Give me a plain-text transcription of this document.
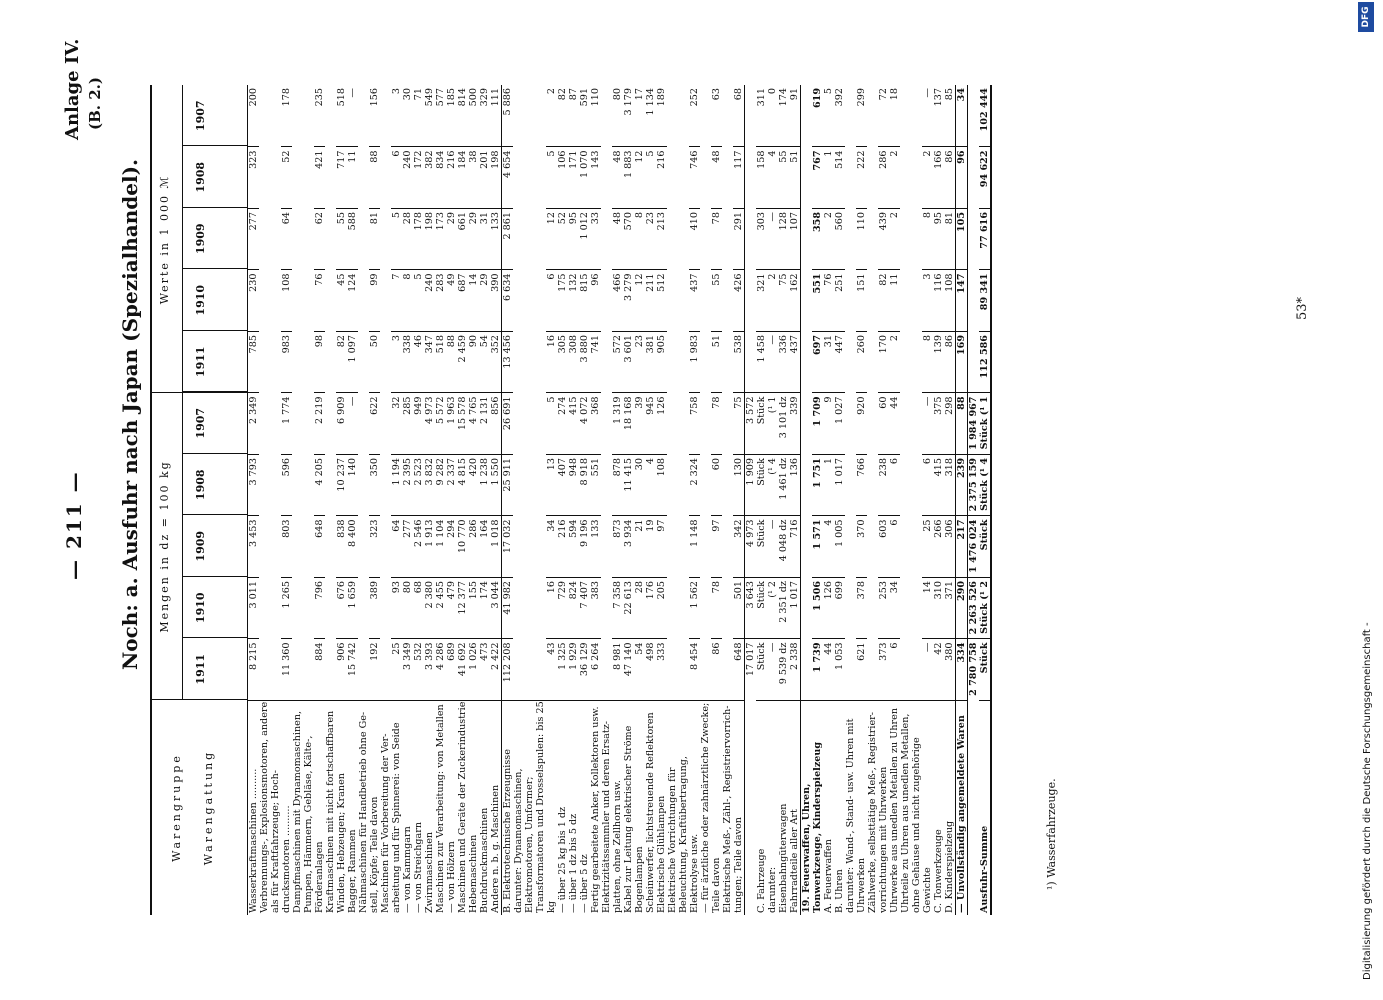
— 211 — Noch: a. Ausfuhr nach Japan (Spezialhandel).
Anlage IV. (B. 2.)
Warengruppe Warengattung
Mengen in dz = 100 kg
Werte in 1 000 ℳ
1911
1910
1909
1908
1907
1911
1910
1909
1908
1907
Wasserkraftmaschinen ..........
8 215
3 011
3 453
3 793
2 349
785
230
277
323
200
Verbrennungs-, Explosionsmotoren, andere als für Kraftfahrzeuge; Hochdrucksmotoren ..........
11 360
1 265
803
596
1 774
983
108
64
52
178
Dampfmaschinen mit Dynamomaschinen, Pumpen, Hämmern, Gebläse, Kälte-, Förderanlagen
884
796
648
4 205
2 219
98
76
62
421
235
Kraftmaschinen mit nicht fortschaffbaren Winden, Hebzeugen; Kranen
906
676
838
10 237
6 909
82
45
55
717
518
Bagger, Rammen
15 742
1 659
8 400
140
—
1 097
124
588
11
—
Nähmaschinen für Handbetrieb ohne Gestell, Köpfe; Teile davon
192
389
323
350
622
50
99
81
88
156
Maschinen für Vorbereitung der Verarbeitung und für Spinnerei: von Seide
25
93
64
1 194
32
3
7
5
6
3
— von Kammgarn
3 349
80
277
2 395
285
338
8
28
240
30
— von Streichgarn
532
68
2 546
2 523
949
46
5
178
172
71
Zwirnmaschinen
3 393
2 380
1 913
3 832
4 973
347
240
198
382
549
Maschinen zur Verarbeitung: von Metallen
4 286
2 455
1 104
9 282
5 572
518
283
173
834
577
— von Hölzern
689
479
294
2 337
1 963
88
49
29
216
185
Maschinen und Geräte der Zuckerindustrie
41 692
12 377
10 770
4 815
15 578
2 459
687
661
184
814
Hebemaschinen
1 026
155
286
420
4 765
90
14
29
38
500
Buchdruckmaschinen
473
174
164
1 238
2 131
54
29
31
201
329
Andere n. b. g. Maschinen
2 422
3 044
1 018
1 550
856
352
390
133
198
111
B. Elektrotechnische Erzeugnisse
112 208
41 982
17 032
25 911
26 691
13 456
6 634
2 861
4 654
5 886
darunter: Dynamomaschinen, Elektromotoren, Umformer; Transformatoren und Drosselspulen: bis 25 kg
43
16
34
13
5
16
6
12
5
2
— über 25 kg bis 1 dz
1 325
729
216
407
274
305
175
52
106
82
— über 1 dz bis 5 dz
1 929
824
594
948
415
308
132
95
171
87
— über 5 dz
36 129
7 407
9 196
8 918
4 072
3 880
815
1 012
1 070
591
Fertig gearbeitete Anker, Kollektoren usw.
6 264
383
133
551
368
741
96
33
143
110
Elektrizitätssammler und deren Ersatzplatten, ohne Zellhorn usw.
8 981
7 358
873
878
1 319
572
466
48
48
80
Kabel zur Leitung elektrischer Ströme
47 140
22 613
3 934
11 415
18 168
3 601
3 279
570
1 883
3 179
Bogenlampen
54
28
21
30
39
23
12
8
12
17
Scheinwerfer, lichtstreuende Reflektoren
498
176
19
4
945
381
211
23
5
1 134
Elektrische Glühlampen
333
205
97
108
126
905
512
213
216
189
Elektrische Vorrichtungen für Beleuchtung, Kraftübertragung, Elektrolyse usw.
8 454
1 562
1 148
2 324
758
1 983
437
410
746
252
— für ärztliche oder zahnärztliche Zwecke; Teile davon
86
78
97
60
78
51
55
78
48
63
Elektrische Meß-, Zähl-, Registriervorrichtungen; Teile davon
648
501
342
130
75
538
426
291
117
68
C. Fahrzeuge
17 017 Stück
3 643 Stück
4 973 Stück
1 909 Stück
3 572 Stück
1 458
321
303
158
311
darunter:
—
(¹ 2
—
(¹ 4
(¹ 1
—
2
—
4
0
Eisenbahngüterwagen
9 539 dz
2 351 dz
4 048 dz
1 461 dz
3 101 dz
336
75
128
55
174
Fahrradteile aller Art
2 338
1 017
716
136
339
437
162
107
51
91
19. Feuerwaffen, Uhren, Tonwerkzeuge, Kinderspielzeug
1 739
1 506
1 571
1 751
1 709
697
551
358
767
619
A. Feuerwaffen
44
126
4
1
9
31
76
2
1
5
B. Uhren
1 053
699
1 005
1 017
1 027
447
251
560
514
392
darunter: Wand-, Stand- usw. Uhren mit Uhrwerken
621
378
370
766
920
260
151
110
222
299
Zählwerke, selbsttätige Meß-, Registriervorrichtungen mit Uhrwerken
373
253
603
238
60
170
82
439
286
72
Uhrwerke aus unedlen Metallen zu Uhren
6
34
6
6
44
2
11
2
2
18
Uhrteile zu Uhren aus unedlen Metallen, ohne Gehäuse und nicht zugehörige Gewichte
—
14
25
6
—
8
3
8
2
—
C. Tonwerkzeuge
42
310
266
415
375
139
116
95
166
137
D. Kinderspielzeug
380
371
306
318
298
86
108
81
86
85
— Unvollständig angemeldete Waren
334
290
217
239
88
169
147
105
96
34
Ausfuhr-Summe
2 780 758 Stück
2 263 526 Stück (¹ 2
1 476 024 Stück
2 375 159 Stück (¹ 4
1 984 967 Stück (¹ 1
112 586
89 341
77 616
94 622
102 444
¹) Wasserfahrzeuge.
53*
Digitalisierung gefördert durch die Deutsche Forschungsgemeinschaft -
DFG
